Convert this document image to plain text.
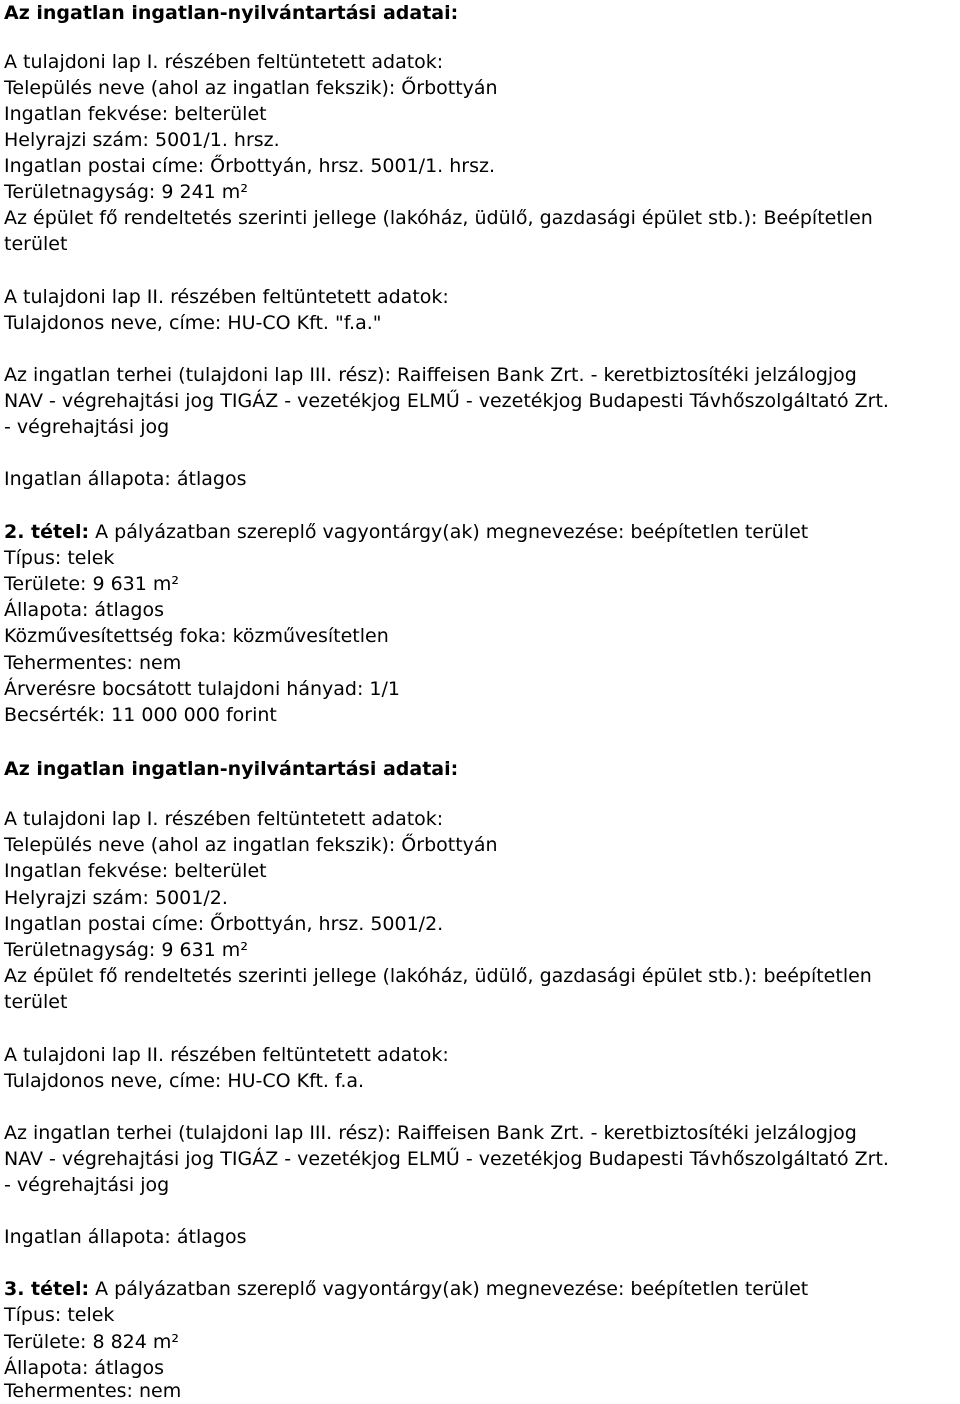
Az ingatlan ingatlan-nyilvántartási adatai:
A tulajdoni lap I. részében feltüntetett adatok:
Település neve (ahol az ingatlan fekszik): Őrbottyán
Ingatlan fekvése: belterület
Helyrajzi szám: 5001/1. hrsz.
Ingatlan postai címe: Őrbottyán, hrsz. 5001/1. hrsz.
Területnagyság: 9 241 m²
Az épület fő rendeltetés szerinti jellege (lakóház, üdülő, gazdasági épület stb.): Beépítetlen
terület
A tulajdoni lap II. részében feltüntetett adatok:
Tulajdonos neve, címe: HU-CO Kft. "f.a."
Az ingatlan terhei (tulajdoni lap III. rész): Raiffeisen Bank Zrt. - keretbiztosítéki jelzálogjog
NAV - végrehajtási jog TIGÁZ - vezetékjog ELMŰ - vezetékjog Budapesti Távhőszolgáltató Zrt.
- végrehajtási jog
Ingatlan állapota: átlagos
2. tétel: A pályázatban szereplő vagyontárgy(ak) megnevezése: beépítetlen terület
Típus: telek
Területe: 9 631 m²
Állapota: átlagos
Közművesítettség foka: közművesítetlen
Tehermentes: nem
Árverésre bocsátott tulajdoni hányad: 1/1
Becsérték: 11 000 000 forint
Az ingatlan ingatlan-nyilvántartási adatai:
A tulajdoni lap I. részében feltüntetett adatok:
Település neve (ahol az ingatlan fekszik): Őrbottyán
Ingatlan fekvése: belterület
Helyrajzi szám: 5001/2.
Ingatlan postai címe: Őrbottyán, hrsz. 5001/2.
Területnagyság: 9 631 m²
Az épület fő rendeltetés szerinti jellege (lakóház, üdülő, gazdasági épület stb.): beépítetlen
terület
A tulajdoni lap II. részében feltüntetett adatok:
Tulajdonos neve, címe: HU-CO Kft. f.a.
Az ingatlan terhei (tulajdoni lap III. rész): Raiffeisen Bank Zrt. - keretbiztosítéki jelzálogjog
NAV - végrehajtási jog TIGÁZ - vezetékjog ELMŰ - vezetékjog Budapesti Távhőszolgáltató Zrt.
- végrehajtási jog
Ingatlan állapota: átlagos
3. tétel: A pályázatban szereplő vagyontárgy(ak) megnevezése: beépítetlen terület
Típus: telek
Területe: 8 824 m²
Állapota: átlagos
Tehermentes: nem
